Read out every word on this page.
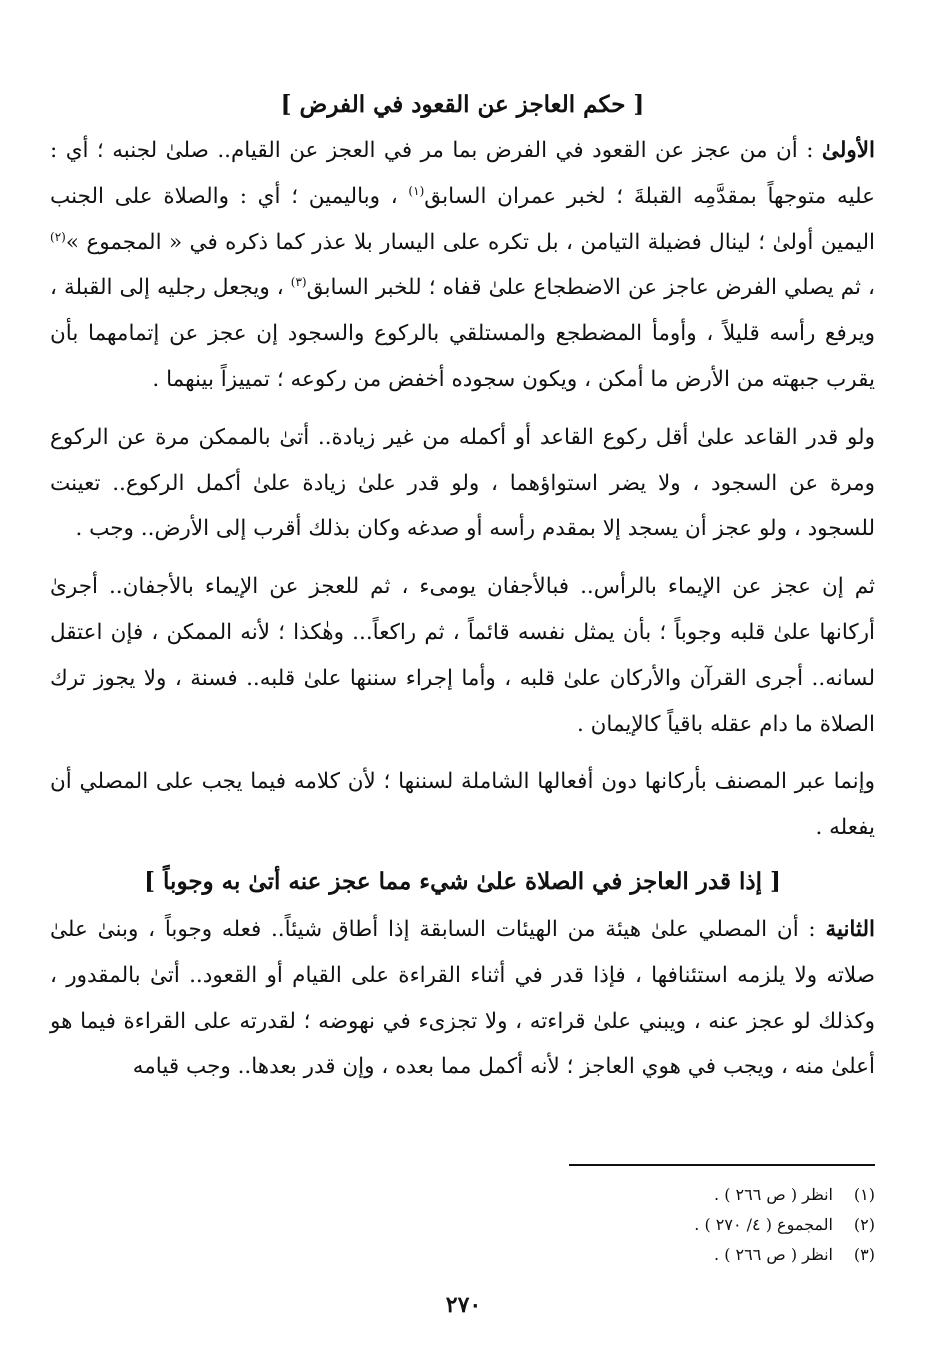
[ حكم العاجز عن القعود في الفرض ]

الأولىٰ : أن من عجز عن القعود في الفرض بما مر في العجز عن القيام.. صلىٰ لجنبه ؛ أي : عليه متوجهاً بمقدَّمِه القبلةَ ؛ لخبر عمران السابق$^{(١)}$ ، وباليمين ؛ أي : والصلاة على الجنب اليمين أولىٰ ؛ لينال فضيلة التيامن ، بل تكره على اليسار بلا عذر كما ذكره في « المجموع »$^{(٢)}$ ، ثم يصلي الفرض عاجز عن الاضطجاع علىٰ قفاه ؛ للخبر السابق$^{(٣)}$ ، ويجعل رجليه إلى القبلة ، ويرفع رأسه قليلاً ، وأومأ المضطجع والمستلقي بالركوع والسجود إن عجز عن إتمامهما بأن يقرب جبهته من الأرض ما أمكن ، ويكون سجوده أخفض من ركوعه ؛ تمييزاً بينهما .

ولو قدر القاعد علىٰ أقل ركوع القاعد أو أكمله من غير زيادة.. أتىٰ بالممكن مرة عن الركوع ومرة عن السجود ، ولا يضر استواؤهما ، ولو قدر علىٰ زيادة علىٰ أكمل الركوع.. تعينت للسجود ، ولو عجز أن يسجد إلا بمقدم رأسه أو صدغه وكان بذلك أقرب إلى الأرض.. وجب .

ثم إن عجز عن الإيماء بالرأس.. فبالأجفان يومىء ، ثم للعجز عن الإيماء بالأجفان.. أجرىٰ أركانها علىٰ قلبه وجوباً ؛ بأن يمثل نفسه قائماً ، ثم راكعاً... وهٰكذا ؛ لأنه الممكن ، فإن اعتقل لسانه.. أجرى القرآن والأركان علىٰ قلبه ، وأما إجراء سننها علىٰ قلبه.. فسنة ، ولا يجوز ترك الصلاة ما دام عقله باقياً كالإيمان .

وإنما عبر المصنف بأركانها دون أفعالها الشاملة لسننها ؛ لأن كلامه فيما يجب على المصلي أن يفعله .

[ إذا قدر العاجز في الصلاة علىٰ شيء مما عجز عنه أتىٰ به وجوباً ]

الثانية : أن المصلي علىٰ هيئة من الهيئات السابقة إذا أطاق شيئاً.. فعله وجوباً ، وبنىٰ علىٰ صلاته ولا يلزمه استئنافها ، فإذا قدر في أثناء القراءة على القيام أو القعود.. أتىٰ بالمقدور ، وكذلك لو عجز عنه ، ويبني علىٰ قراءته ، ولا تجزىء في نهوضه ؛ لقدرته على القراءة فيما هو أعلىٰ منه ، ويجب في هوي العاجز ؛ لأنه أكمل مما بعده ، وإن قدر بعدها.. وجب قيامه

(١)انظر ( ص ٢٦٦ ) .
(٢)المجموع ( ٤/ ٢٧٠ ) .
(٣)انظر ( ص ٢٦٦ ) .
٢٧٠
